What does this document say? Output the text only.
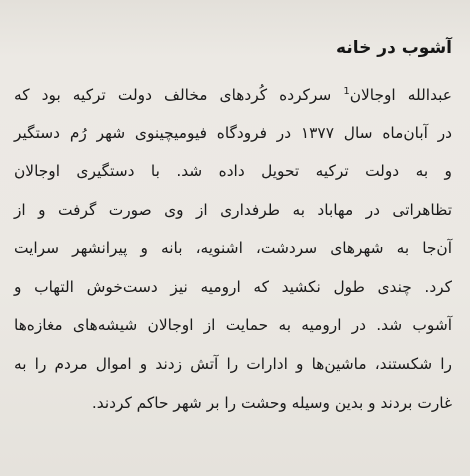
آشوب در خانه
عبدالله اوجالان$^1$ سرکرده کُردهای مخالف دولت ترکیه بود که
در آبان‌ماه سال ۱۳۷۷ در فرودگاه فیومیچینوی شهر رُم دستگیر
و به دولت ترکیه تحویل داده شد. با دستگیری اوجالان
تظاهراتی در مهاباد به طرفداری از وی صورت گرفت و از
آن‌جا به شهرهای سردشت، اشنویه، بانه و پیرانشهر سرایت
کرد. چندی طول نکشید که ارومیه نیز دست‌خوش التهاب و
آشوب شد. در ارومیه به حمایت از اوجالان شیشه‌های مغازه‌ها
را شکستند، ماشین‌ها و ادارات را آتش زدند و اموال مردم را به
غارت بردند و بدین وسیله وحشت را بر شهر حاکم کردند.
